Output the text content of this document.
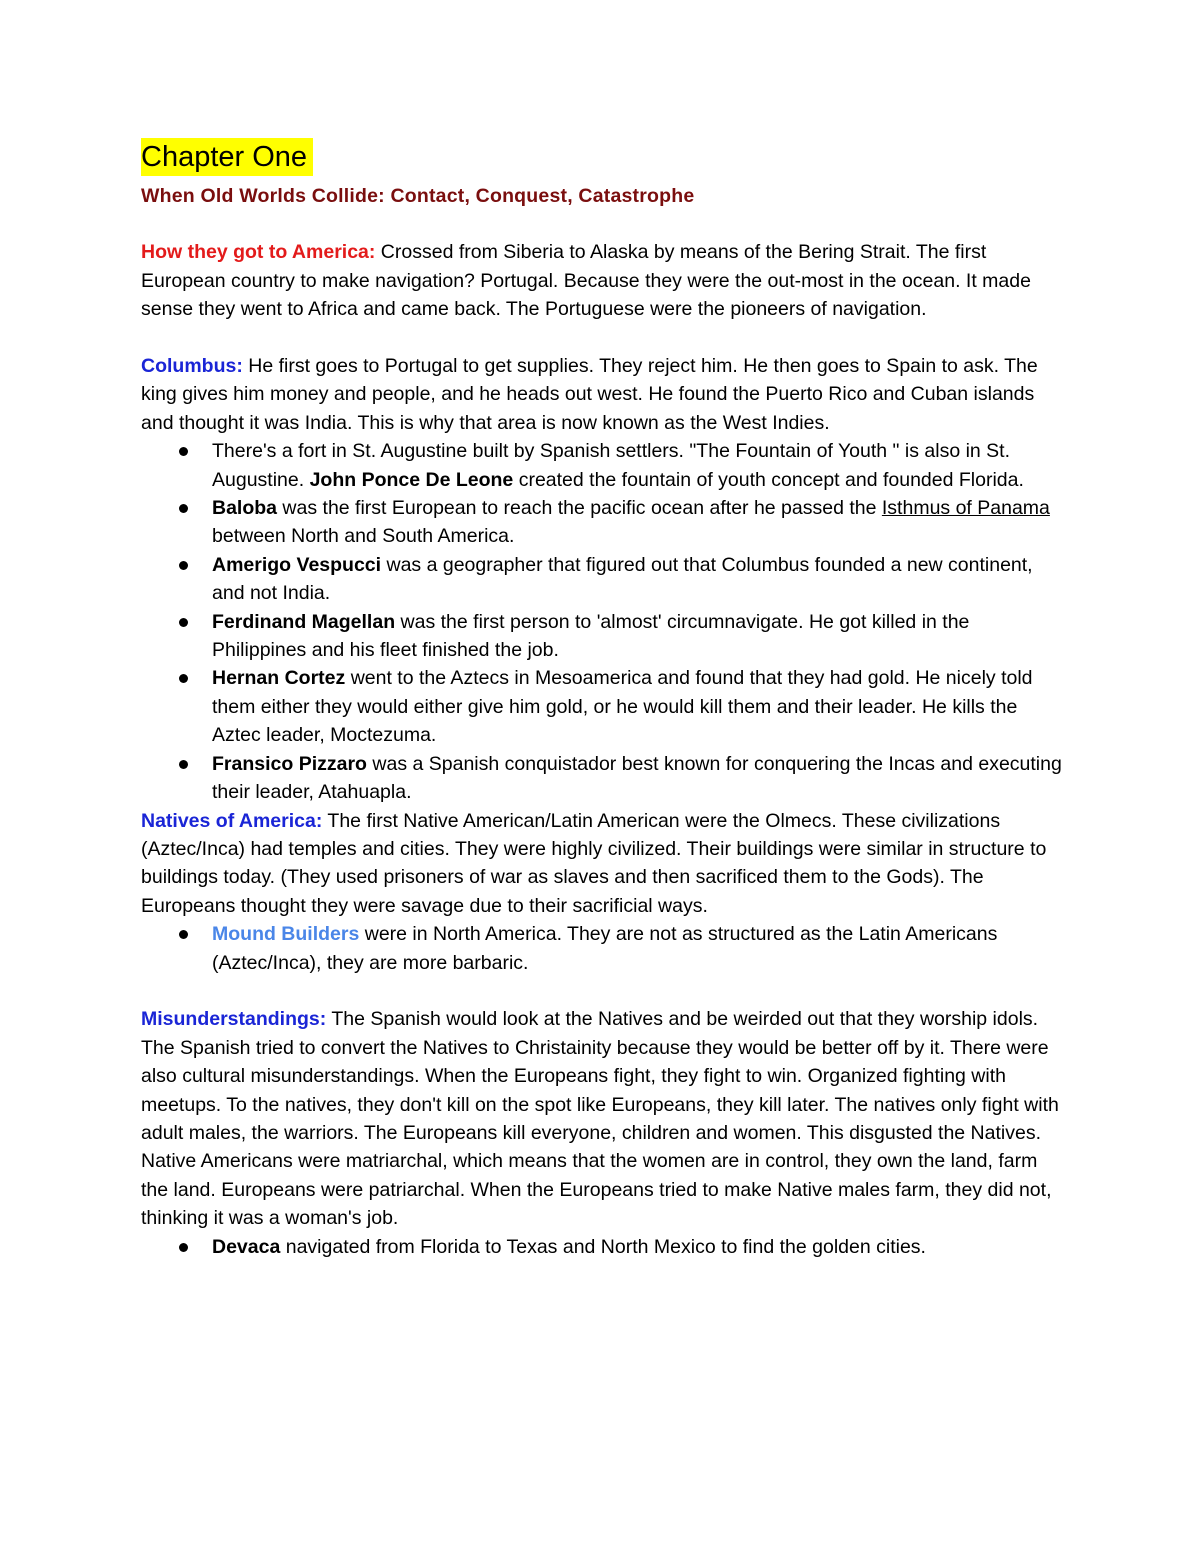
Chapter One
When Old Worlds Collide: Contact, Conquest, Catastrophe

How they got to America: Crossed from Siberia to Alaska by means of the Bering Strait. The first European country to make navigation? Portugal. Because they were the out-most in the ocean. It made sense they went to Africa and came back. The Portuguese were the pioneers of navigation.

Columbus: He first goes to Portugal to get supplies. They reject him. He then goes to Spain to ask. The king gives him money and people, and he heads out west. He found the Puerto Rico and Cuban islands and thought it was India. This is why that area is now known as the West Indies.

There's a fort in St. Augustine built by Spanish settlers. "The Fountain of Youth " is also in St. Augustine. John Ponce De Leone created the fountain of youth concept and founded Florida.
Baloba was the first European to reach the pacific ocean after he passed the Isthmus of Panama between North and South America.
Amerigo Vespucci was a geographer that figured out that Columbus founded a new continent, and not India.
Ferdinand Magellan was the first person to 'almost' circumnavigate. He got killed in the Philippines and his fleet finished the job.
Hernan Cortez went to the Aztecs in Mesoamerica and found that they had gold. He nicely told them either they would either give him gold, or he would kill them and their leader. He kills the Aztec leader, Moctezuma.
Fransico Pizzaro was a Spanish conquistador best known for conquering the Incas and executing their leader, Atahuapla.

Natives of America: The first Native American/Latin American were the Olmecs. These civilizations (Aztec/Inca) had temples and cities. They were highly civilized. Their buildings were similar in structure to buildings today. (They used prisoners of war as slaves and then sacrificed them to the Gods). The Europeans thought they were savage due to their sacrificial ways.

Mound Builders were in North America. They are not as structured as the Latin Americans (Aztec/Inca), they are more barbaric.

Misunderstandings: The Spanish would look at the Natives and be weirded out that they worship idols. The Spanish tried to convert the Natives to Christainity because they would be better off by it. There were also cultural misunderstandings. When the Europeans fight, they fight to win. Organized fighting with meetups. To the natives, they don't kill on the spot like Europeans, they kill later. The natives only fight with adult males, the warriors. The Europeans kill everyone, children and women. This disgusted the Natives. Native Americans were matriarchal, which means that the women are in control, they own the land, farm the land. Europeans were patriarchal. When the Europeans tried to make Native males farm, they did not, thinking it was a woman's job.

Devaca navigated from Florida to Texas and North Mexico to find the golden cities.
